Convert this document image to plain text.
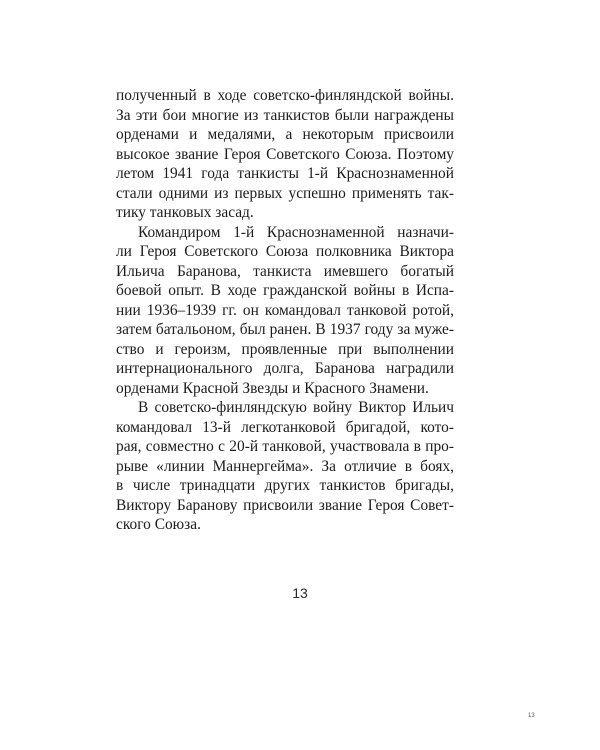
полученный в ходе советско-финляндской войны.
За эти бои многие из танкистов были награждены
орденами и медалями, а некоторым присвоили
высокое звание Героя Советского Союза. Поэтому
летом 1941 года танкисты 1-й Краснознаменной
стали одними из первых успешно применять так-
тику танковых засад.
Командиром 1-й Краснознаменной назначи-
ли Героя Советского Союза полковника Виктора
Ильича Баранова, танкиста имевшего богатый
боевой опыт. В ходе гражданской войны в Испа-
нии 1936–1939 гг. он командовал танковой ротой,
затем батальоном, был ранен. В 1937 году за муже-
ство и героизм, проявленные при выполнении
интернационального долга, Баранова наградили
орденами Красной Звезды и Красного Знамени.
В советско-финляндскую войну Виктор Ильич
командовал 13-й легкотанковой бригадой, кото-
рая, совместно с 20-й танковой, участвовала в про-
рыве «линии Маннергейма». За отличие в боях,
в числе тринадцати других танкистов бригады,
Виктору Баранову присвоили звание Героя Совет-
ского Союза.
13
13
